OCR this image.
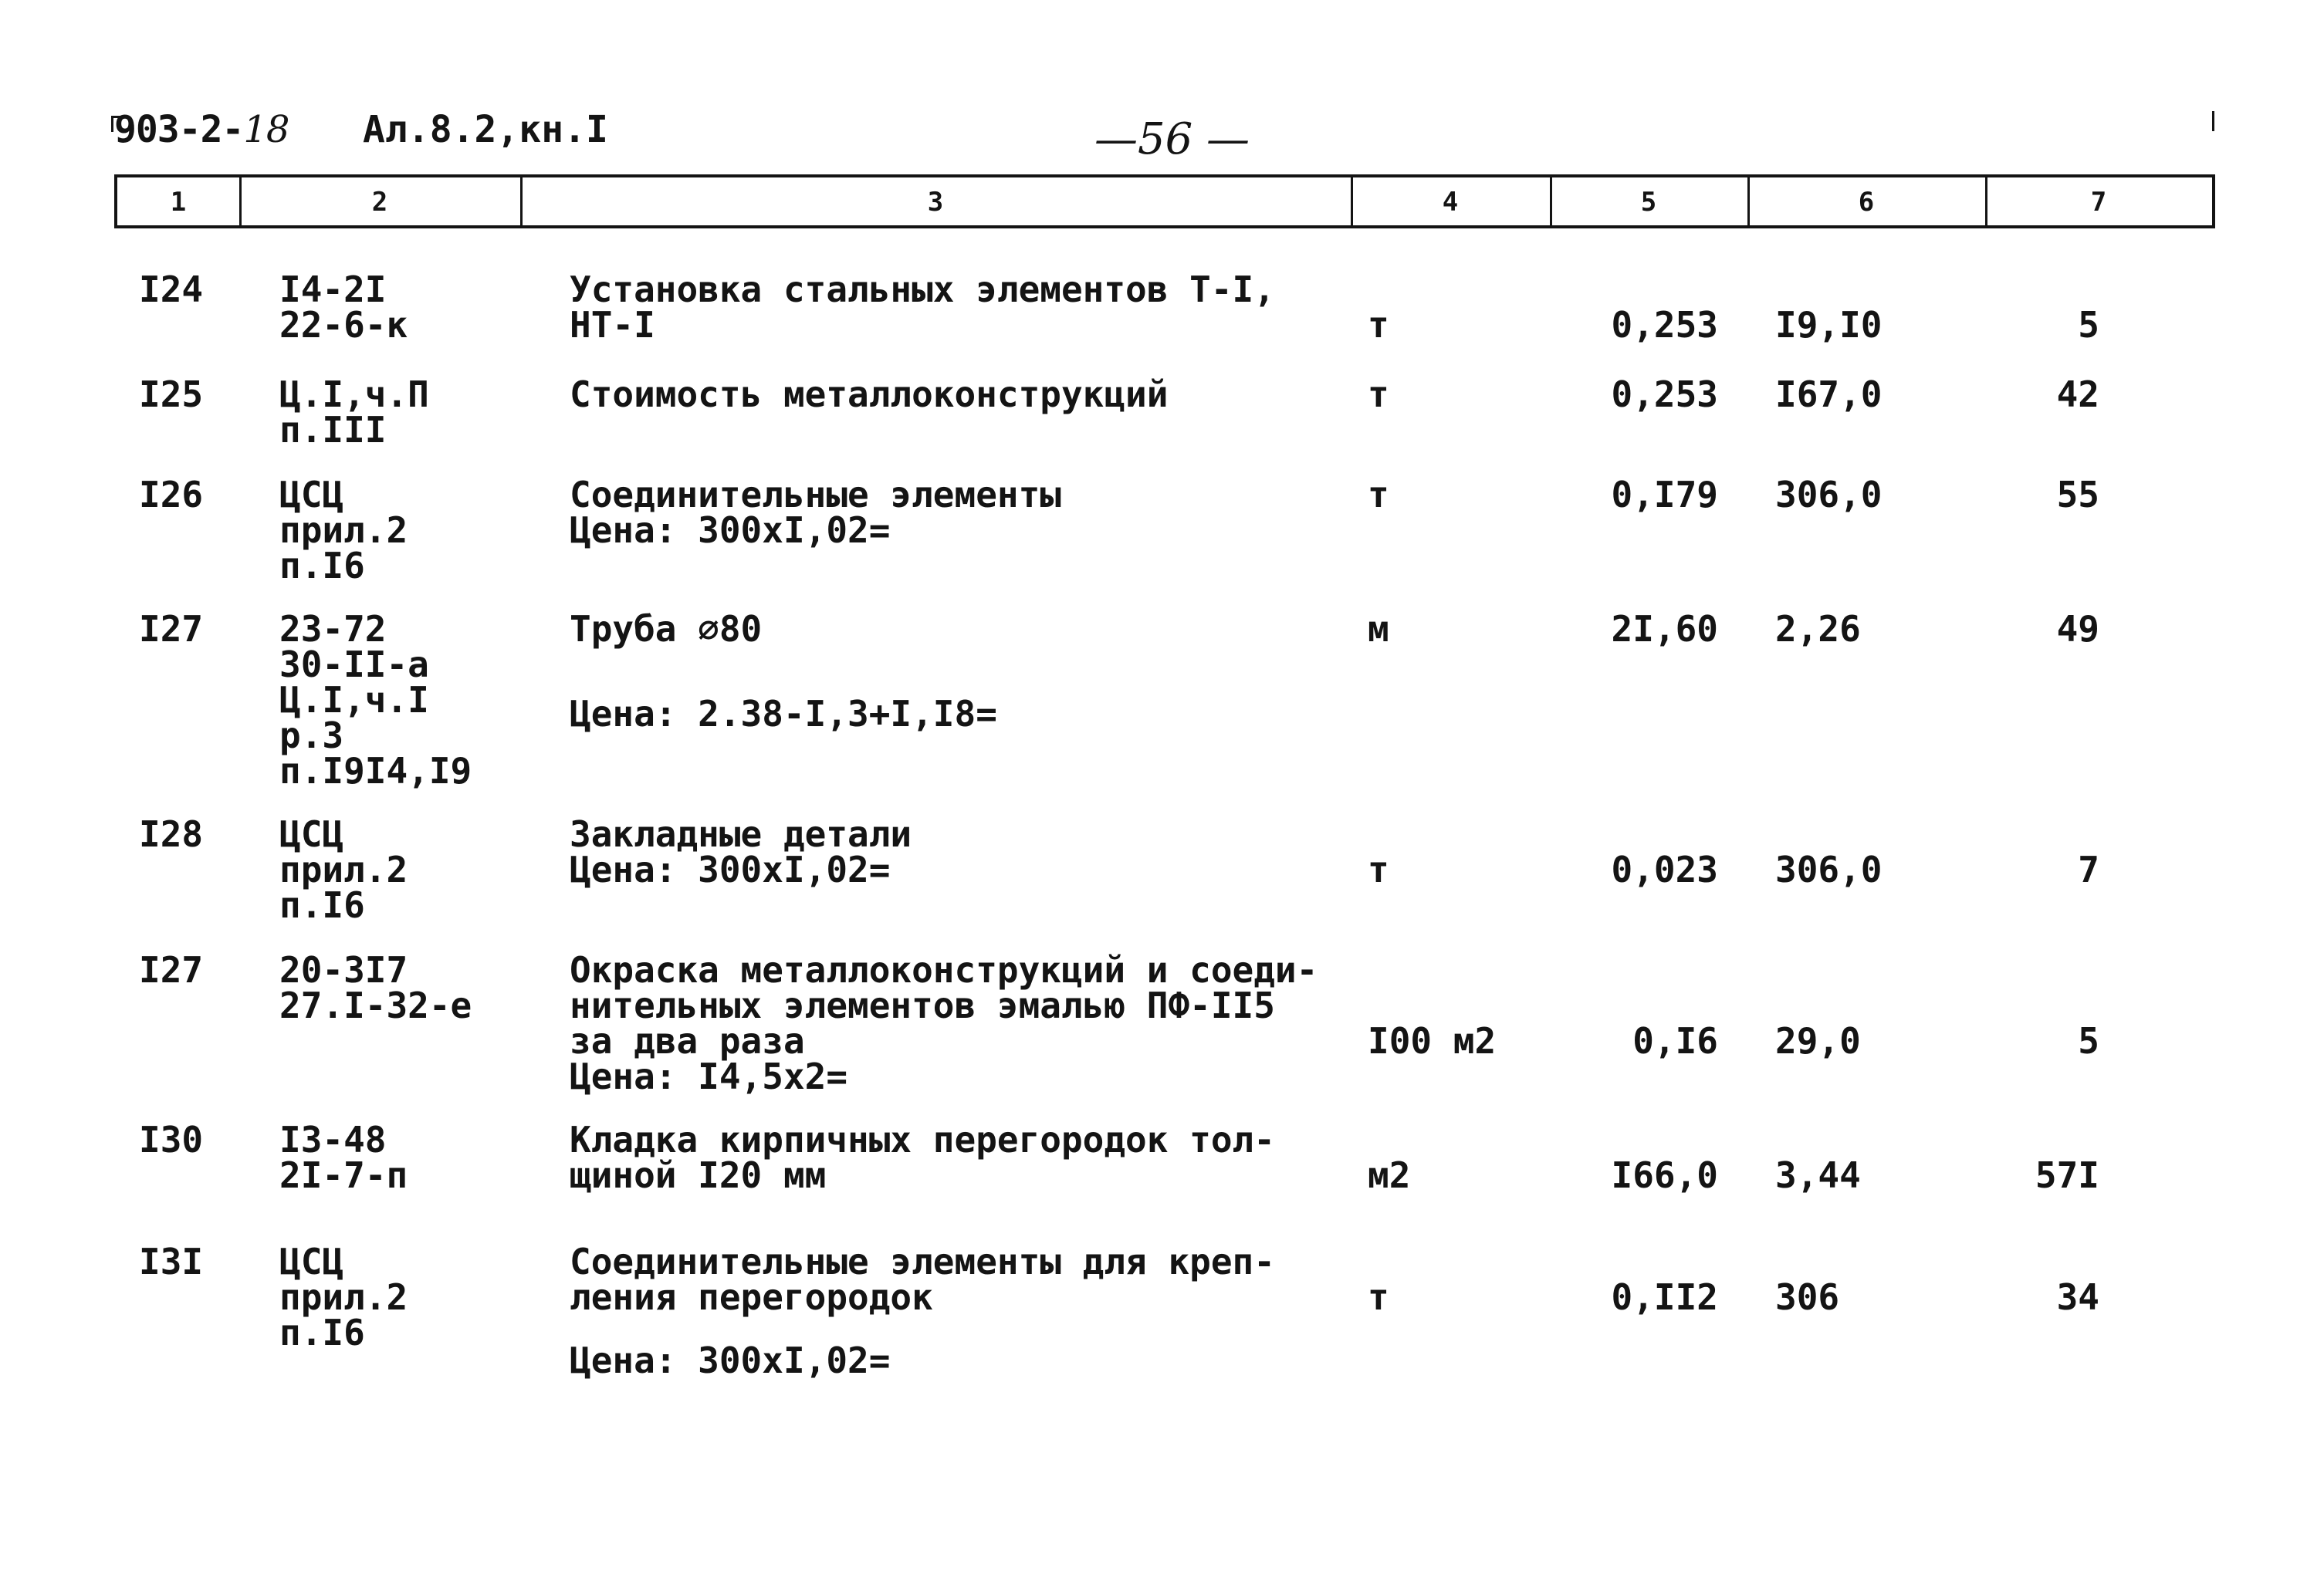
903-2-18 Ал.8.2,кн.I	—56 —
1	2	3	4	5	6	7
I24 I4-2I
22-6-к
Установка стальных элементов Т-I,
НТ-I	т	0,253 I9,I0	5
I25 Ц.I,ч.П
п.III
Стоимость металлоконструкций	т	0,253 I67,0	42
I26 ЦСЦ
прил.2
п.I6
Соединительные элементы
Цена: 300хI,02=
т	0,I79 306,0	55
I27 23-72
30-II-а
Ц.I,ч.I
р.3
п.I9I4,I9
Труба ∅80
Цена: 2.38-I,3+I,I8=
м	2I,60 2,26	49
I28 ЦСЦ
прил.2
п.I6
Закладные детали
Цена: 300хI,02=	т	0,023 306,0	7
I27 20-3I7
27.I-32-е
Окраска металлоконструкций и соеди-
нительных элементов эмалью ПФ-II5
за два раза
Цена: I4,5х2=
I00 м2	0,I6 29,0	5
I30 I3-48
2I-7-п
Кладка кирпичных перегородок тол-
щиной I20 мм	м2	I66,0 3,44	57I
I3I ЦСЦ
прил.2
п.I6
Соединительные элементы для креп-
ления перегородок
Цена: 300хI,02=
т	0,II2 306	34
